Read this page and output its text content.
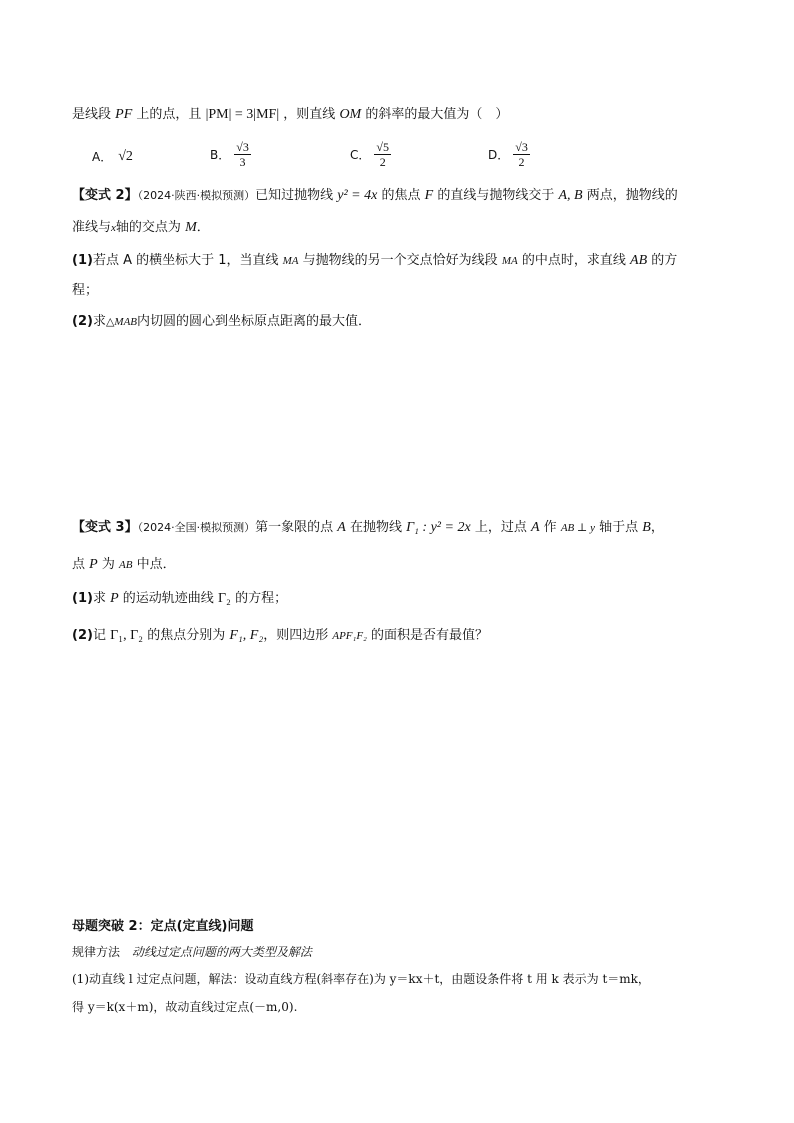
是线段 PF 上的点，且 |PM| = 3|MF| ，则直线 OM 的斜率的最大值为（　）
A． √2	B． $\frac{√3}{3}$	C． $\frac{√5}{2}$	D． $\frac{√3}{2}$
【变式 2】（2024·陕西·模拟预测）已知过抛物线 y² = 4x 的焦点 F 的直线与抛物线交于 A, B 两点，抛物线的
准线与x轴的交点为 M．
(1)若点 A 的横坐标大于 1，当直线 MA 与抛物线的另一个交点恰好为线段 MA 的中点时，求直线 AB 的方
程；
(2)求△MAB内切圆的圆心到坐标原点距离的最大值．
【变式 3】（2024·全国·模拟预测）第一象限的点 A 在抛物线 Γ₁ : y² = 2x 上，过点 A 作 AB ⊥ y 轴于点 B，
点 P 为 AB 中点．
(1)求 P 的运动轨迹曲线 Γ₂ 的方程；
(2)记 Γ₁, Γ₂ 的焦点分别为 F₁, F₂，则四边形 APF₁F₂ 的面积是否有最值？
母题突破 2：定点(定直线)问题
规律方法 动线过定点问题的两大类型及解法
(1)动直线 l 过定点问题，解法：设动直线方程(斜率存在)为 y＝kx＋t，由题设条件将 t 用 k 表示为 t＝mk，
得 y＝k(x＋m)，故动直线过定点(－m,0).
